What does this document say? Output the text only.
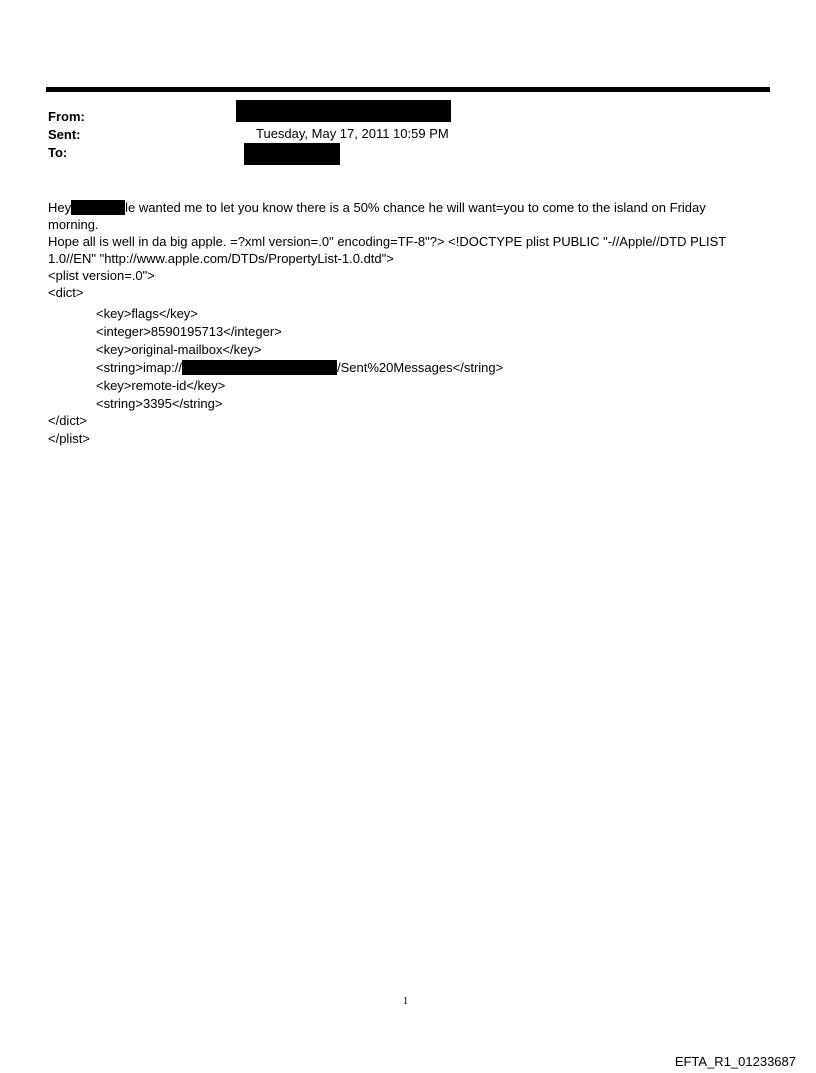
From:
Sent:	Tuesday, May 17, 2011 10:59 PM
To:
Hey	le wanted me to let you know there is a 50% chance he will want=you to come to the island on Friday
morning.
Hope all is well in da big apple. =?xml version=.0" encoding=TF-8"?> <!DOCTYPE plist PUBLIC "-//Apple//DTD PLIST
1.0//EN" "http://www.apple.com/DTDs/PropertyList-1.0.dtd">
<plist version=.0">
<dict>
<key>flags</key>
<integer>8590195713</integer>
<key>original-mailbox</key>
<string>imap://	/Sent%20Messages</string>
<key>remote-id</key>
<string>3395</string>
</dict>
</plist>
1
EFTA_R1_01233687
